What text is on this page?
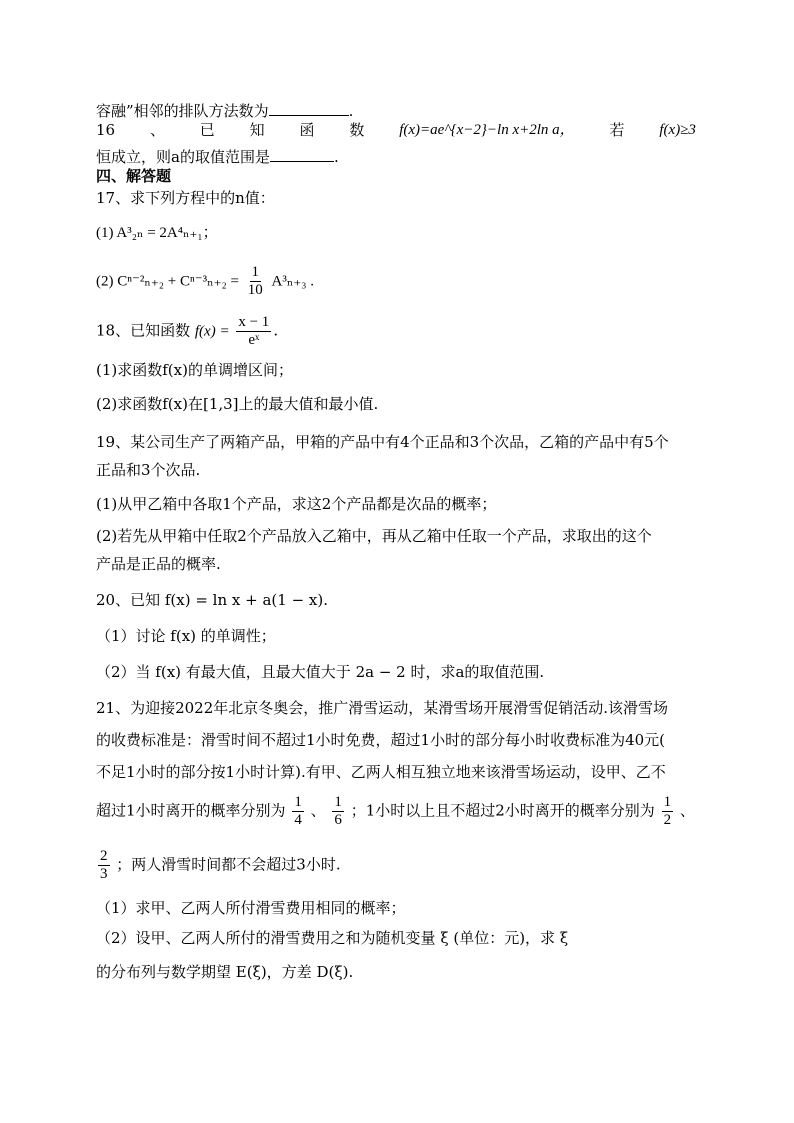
容融”相邻的排队方法数为	.
16 、 已 知 函 数 f(x)=ae^{x−2}−ln x+2ln a， 若 f(x)≥3
恒成立，则a的取值范围是	.
四、解答题
17、求下列方程中的n值：
(1) A³₂ₙ = 2A⁴ₙ₊₁；
(2) $C^{n-2}_{n+2} + C^{n-3}_{n+2} = \frac{1}{10} A^3_{n+3}$ .
18、已知函数 $f(x) = \frac{x - 1}{\text{eˣ}}$ .
(1)求函数f(x)的单调增区间；
(2)求函数f(x)在[1,3]上的最大值和最小值.
19、某公司生产了两箱产品，甲箱的产品中有4个正品和3个次品，乙箱的产品中有5个
正品和3个次品.
(1)从甲乙箱中各取1个产品，求这2个产品都是次品的概率；
(2)若先从甲箱中任取2个产品放入乙箱中，再从乙箱中任取一个产品，求取出的这个
产品是正品的概率.
20、已知 f(x) = ln x + a(1 − x).
（1）讨论 f(x) 的单调性；
（2）当 f(x) 有最大值，且最大值大于 2a − 2 时，求a的取值范围.
21、为迎接2022年北京冬奥会，推广滑雪运动，某滑雪场开展滑雪促销活动.该滑雪场
的收费标准是：滑雪时间不超过1小时免费，超过1小时的部分每小时收费标准为40元(
不足1小时的部分按1小时计算).有甲、乙两人相互独立地来该滑雪场运动，设甲、乙不
超过1小时离开的概率分别为 $\frac{1}{4}$ 、 $\frac{1}{6}$ ；1小时以上且不超过2小时离开的概率分别为 $\frac{1}{2}$ 、
$\frac{2}{3}$ ；两人滑雪时间都不会超过3小时.
（1）求甲、乙两人所付滑雪费用相同的概率；
（2）设甲、乙两人所付的滑雪费用之和为随机变量 ξ (单位：元)，求 ξ
的分布列与数学期望 E(ξ)，方差 D(ξ).
